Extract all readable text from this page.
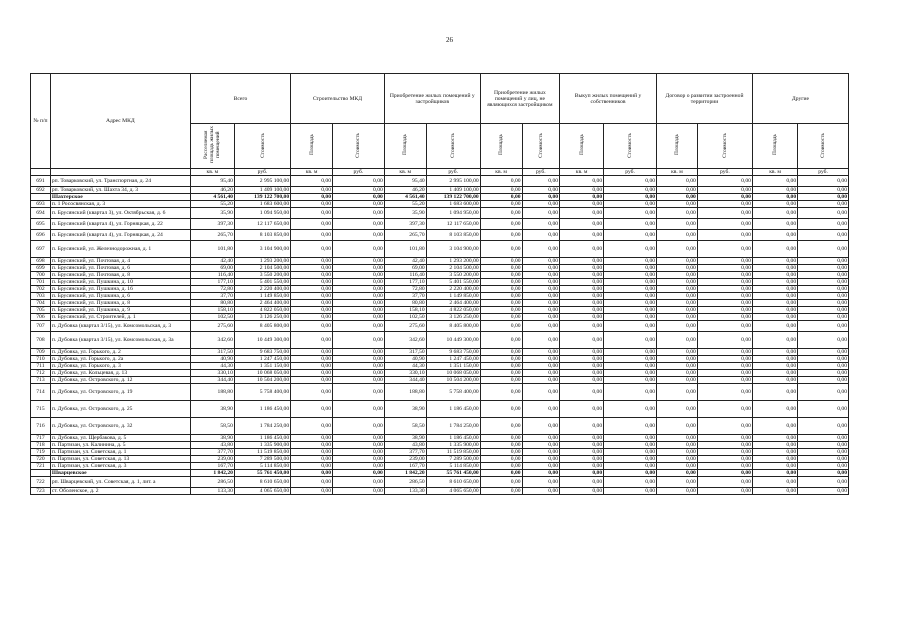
26
№ п/п	Адрес МКД	Всего		Строительство МКД		Приобретение жилых помещений у застройщиков		Приобретение жилых помещений у лиц, не являющихся застройщиком		Выкуп жилых помещений у собственников		Договор о развитии застроенной территории		Другие	
		Расселяемая площадь жилых помещений	Стоимость	Площадь	Стоимость	Площадь	Стоимость	Площадь	Стоимость	Площадь	Стоимость	Площадь	Стоимость	Площадь	Стоимость
		кв. м	руб.	кв. м	руб.	кв. м	руб.	кв. м	руб.	кв. м	руб.	кв. м	руб.	кв. м	руб.
691	рп. Товарковский, ул. Транспортная, д. 24	95,40	2 995 100,00	0,00	0,00	95,40	2 995 100,00	0,00	0,00	0,00	0,00	0,00	0,00	0,00	0,00
692	рп. Товарковский, ул. Шахта 34, д. 3	46,20	1 409 100,00	0,00	0,00	46,20	1 409 100,00	0,00	0,00	0,00	0,00	0,00	0,00	0,00	0,00
	Шахтерское	4 561,40	139 122 700,00	0,00	0,00	4 561,40	139 122 700,00	0,00	0,00	0,00	0,00	0,00	0,00	0,00	0,00
693	п. 1 Рососвянская, д. 3	55,20	1 683 600,00	0,00	0,00	55,20	1 683 600,00	0,00	0,00	0,00	0,00	0,00	0,00	0,00	0,00
694	п. Брусянский (квартал 3), ул. Октябрьская, д. 6	35,90	1 094 950,00	0,00	0,00	35,90	1 094 950,00	0,00	0,00	0,00	0,00	0,00	0,00	0,00	0,00
695	п. Брусянский (квартал 4), ул. Горняцкая, д. 22	397,30	12 117 650,00	0,00	0,00	397,30	12 117 650,00	0,00	0,00	0,00	0,00	0,00	0,00	0,00	0,00
696	п. Брусянский (квартал 4), ул. Горняцкая, д. 24	265,70	8 103 850,00	0,00	0,00	265,70	8 103 850,00	0,00	0,00	0,00	0,00	0,00	0,00	0,00	0,00
697	п. Брусянский, ул. Железнодорожная, д. 1	101,80	3 104 900,00	0,00	0,00	101,80	3 104 900,00	0,00	0,00	0,00	0,00	0,00	0,00	0,00	0,00
698	п. Брусянский, ул. Почтовая, д. 4	42,40	1 293 200,00	0,00	0,00	42,40	1 293 200,00	0,00	0,00	0,00	0,00	0,00	0,00	0,00	0,00
699	п. Брусянский, ул. Почтовая, д. 6	69,00	2 104 500,00	0,00	0,00	69,00	2 104 500,00	0,00	0,00	0,00	0,00	0,00	0,00	0,00	0,00
700	п. Брусянский, ул. Почтовая, д. 8	116,40	3 550 200,00	0,00	0,00	116,40	3 550 200,00	0,00	0,00	0,00	0,00	0,00	0,00	0,00	0,00
701	п. Брусянский, ул. Пушкина, д. 10	177,10	5 401 550,00	0,00	0,00	177,10	5 401 550,00	0,00	0,00	0,00	0,00	0,00	0,00	0,00	0,00
702	п. Брусянский, ул. Пушкина, д. 16	72,80	2 220 400,00	0,00	0,00	72,80	2 220 400,00	0,00	0,00	0,00	0,00	0,00	0,00	0,00	0,00
703	п. Брусянский, ул. Пушкина, д. 6	37,70	1 149 850,00	0,00	0,00	37,70	1 149 850,00	0,00	0,00	0,00	0,00	0,00	0,00	0,00	0,00
704	п. Брусянский, ул. Пушкина, д. 8	80,80	2 464 400,00	0,00	0,00	80,80	2 464 400,00	0,00	0,00	0,00	0,00	0,00	0,00	0,00	0,00
705	п. Брусянский, ул. Пушкина, д. 9	158,10	4 822 050,00	0,00	0,00	158,10	4 822 050,00	0,00	0,00	0,00	0,00	0,00	0,00	0,00	0,00
706	п. Брусянский, ул. Строителей, д. 1	102,50	3 126 250,00	0,00	0,00	102,50	3 126 250,00	0,00	0,00	0,00	0,00	0,00	0,00	0,00	0,00
707	п. Дубовка (квартал 3/15), ул. Комсомольская, д. 3	275,60	8 405 800,00	0,00	0,00	275,60	8 405 800,00	0,00	0,00	0,00	0,00	0,00	0,00	0,00	0,00
708	п. Дубовка (квартал 3/15), ул. Комсомольская, д. 3а	342,60	10 449 300,00	0,00	0,00	342,60	10 449 300,00	0,00	0,00	0,00	0,00	0,00	0,00	0,00	0,00
709	п. Дубовка, ул. Горького, д. 2	317,50	9 683 750,00	0,00	0,00	317,50	9 683 750,00	0,00	0,00	0,00	0,00	0,00	0,00	0,00	0,00
710	п. Дубовка, ул. Горького, д. 2а	40,90	1 247 450,00	0,00	0,00	40,90	1 247 450,00	0,00	0,00	0,00	0,00	0,00	0,00	0,00	0,00
711	п. Дубовка, ул. Горького, д. 3	44,30	1 351 150,00	0,00	0,00	44,30	1 351 150,00	0,00	0,00	0,00	0,00	0,00	0,00	0,00	0,00
712	п. Дубовка, ул. Кольцевая, д. 13	330,10	10 068 050,00	0,00	0,00	330,10	10 068 050,00	0,00	0,00	0,00	0,00	0,00	0,00	0,00	0,00
713	п. Дубовка, ул. Островского, д. 12	344,40	10 504 200,00	0,00	0,00	344,40	10 504 200,00	0,00	0,00	0,00	0,00	0,00	0,00	0,00	0,00
714	п. Дубовка, ул. Островского, д. 19	188,80	5 758 400,00	0,00	0,00	188,80	5 758 400,00	0,00	0,00	0,00	0,00	0,00	0,00	0,00	0,00
715	п. Дубовка, ул. Островского, д. 25	38,90	1 186 450,00	0,00	0,00	38,90	1 186 450,00	0,00	0,00	0,00	0,00	0,00	0,00	0,00	0,00
716	п. Дубовка, ул. Островского, д. 32	58,50	1 784 250,00	0,00	0,00	58,50	1 784 250,00	0,00	0,00	0,00	0,00	0,00	0,00	0,00	0,00
717	п. Дубовка, ул. Щербакова, д. 5	38,90	1 186 450,00	0,00	0,00	38,90	1 186 450,00	0,00	0,00	0,00	0,00	0,00	0,00	0,00	0,00
718	п. Партизан, ул. Калинина, д. 5	43,80	1 335 900,00	0,00	0,00	43,80	1 335 900,00	0,00	0,00	0,00	0,00	0,00	0,00	0,00	0,00
719	п. Партизан, ул. Советская, д. 1	377,70	11 519 850,00	0,00	0,00	377,70	11 519 850,00	0,00	0,00	0,00	0,00	0,00	0,00	0,00	0,00
720	п. Партизан, ул. Советская, д. 13	239,00	7 289 500,00	0,00	0,00	239,00	7 289 500,00	0,00	0,00	0,00	0,00	0,00	0,00	0,00	0,00
721	п. Партизан, ул. Советская, д. 3	167,70	5 114 850,00	0,00	0,00	167,70	5 114 850,00	0,00	0,00	0,00	0,00	0,00	0,00	0,00	0,00
	Шварцевское	1 842,20	55 761 450,00	0,00	0,00	1 842,20	55 761 450,00	0,00	0,00	0,00	0,00	0,00	0,00	0,00	0,00
722	рп. Шварцевский, ул. Советская, д. 1, лит. а	286,50	8 610 650,00	0,00	0,00	286,50	8 610 650,00	0,00	0,00	0,00	0,00	0,00	0,00	0,00	0,00
723	ст. Оболенское, д. 2	133,30	4 065 650,00	0,00	0,00	133,30	4 065 650,00	0,00	0,00	0,00	0,00	0,00	0,00	0,00	0,00
